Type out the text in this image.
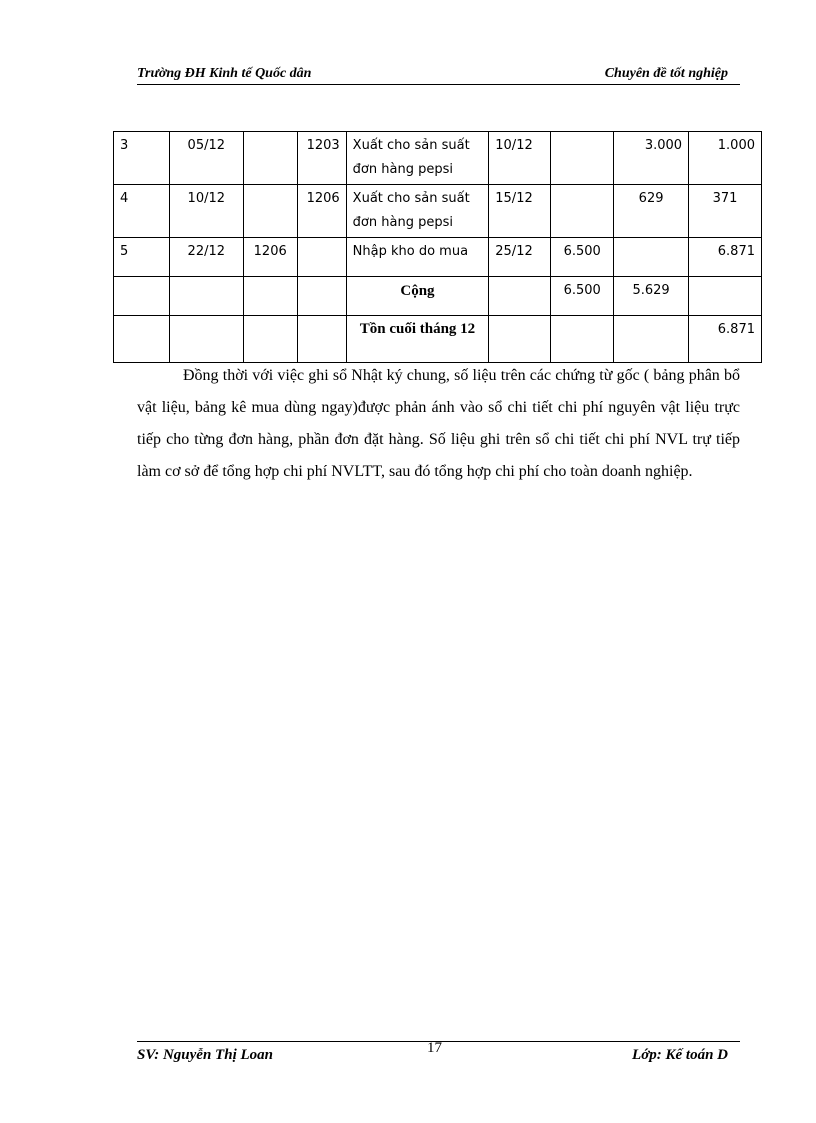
Trường ĐH Kinh tế Quốc dân	Chuyên đề tốt nghiệp
3	05/12		1203	Xuất cho sản suất đơn hàng pepsi	10/12		3.000	1.000
4	10/12		1206	Xuất cho sản suất đơn hàng pepsi	15/12		629	371
5	22/12	1206		Nhập kho do mua	25/12	6.500		6.871
				Cộng		6.500	5.629	
				Tồn cuối tháng 12				6.871

Đồng thời với việc ghi sổ Nhật ký chung, số liệu trên các chứng từ gốc ( bảng phân bổ vật liệu, bảng kê mua dùng ngay)được phản ánh vào sổ chi tiết chi phí nguyên vật liệu trực tiếp cho từng đơn hàng, phần đơn đặt hàng. Số liệu ghi trên sổ chi tiết chi phí NVL trự tiếp làm cơ sở để tổng hợp chi phí NVLTT, sau đó tổng hợp chi phí cho toàn doanh nghiệp.

SV: Nguyễn Thị Loan	17	Lớp: Kế toán D
